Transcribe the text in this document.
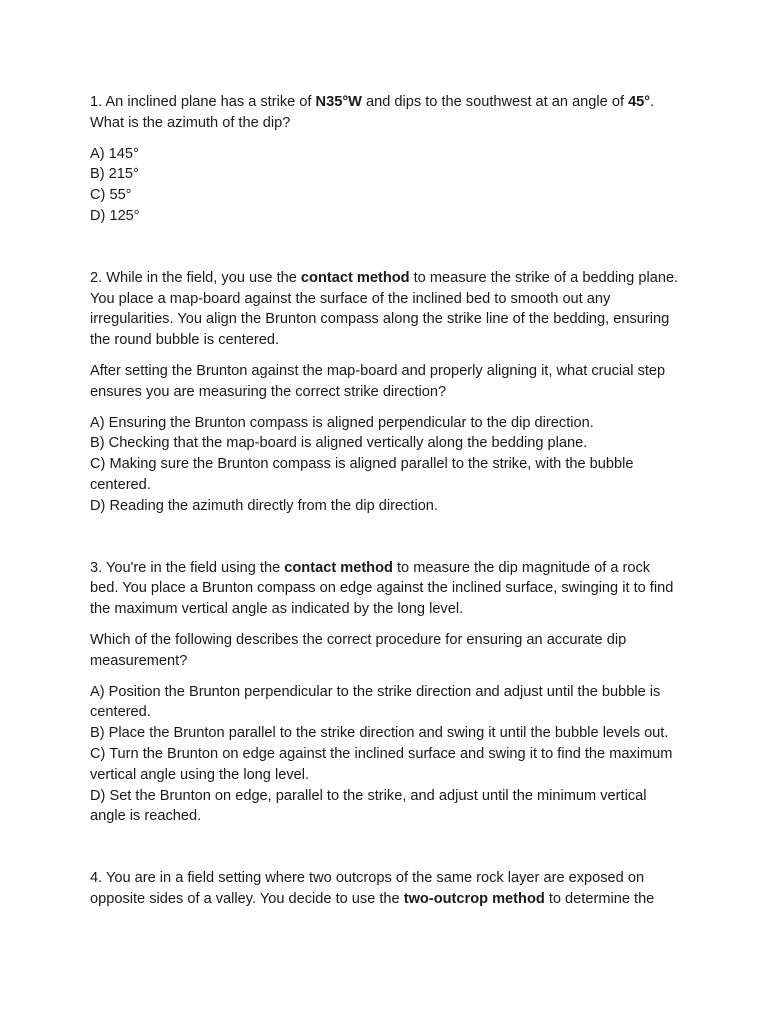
1. An inclined plane has a strike of N35°W and dips to the southwest at an angle of 45°. What is the azimuth of the dip?

A) 145°
B) 215°
C) 55°
D) 125°

2. While in the field, you use the contact method to measure the strike of a bedding plane. You place a map-board against the surface of the inclined bed to smooth out any irregularities. You align the Brunton compass along the strike line of the bedding, ensuring the round bubble is centered.

After setting the Brunton against the map-board and properly aligning it, what crucial step ensures you are measuring the correct strike direction?

A) Ensuring the Brunton compass is aligned perpendicular to the dip direction.
B) Checking that the map-board is aligned vertically along the bedding plane.
C) Making sure the Brunton compass is aligned parallel to the strike, with the bubble centered.
D) Reading the azimuth directly from the dip direction.

3. You're in the field using the contact method to measure the dip magnitude of a rock bed. You place a Brunton compass on edge against the inclined surface, swinging it to find the maximum vertical angle as indicated by the long level.

Which of the following describes the correct procedure for ensuring an accurate dip measurement?

A) Position the Brunton perpendicular to the strike direction and adjust until the bubble is centered.
B) Place the Brunton parallel to the strike direction and swing it until the bubble levels out.
C) Turn the Brunton on edge against the inclined surface and swing it to find the maximum vertical angle using the long level.
D) Set the Brunton on edge, parallel to the strike, and adjust until the minimum vertical angle is reached.

4. You are in a field setting where two outcrops of the same rock layer are exposed on opposite sides of a valley. You decide to use the two-outcrop method to determine the
